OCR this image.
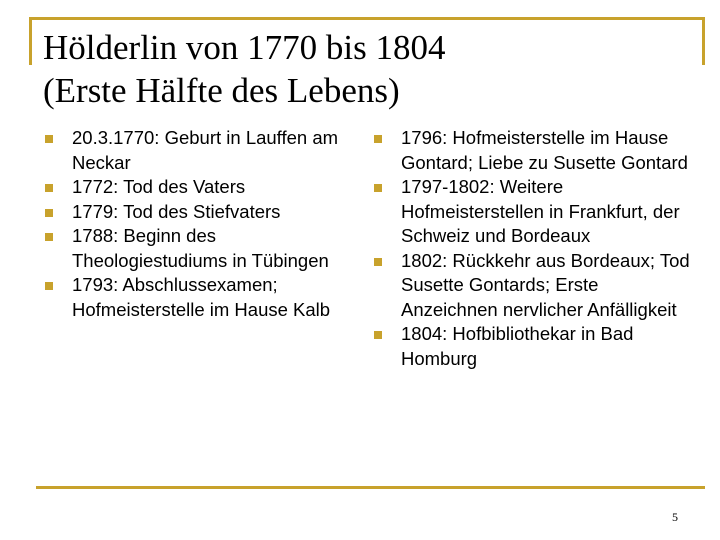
Hölderlin von 1770 bis 1804
(Erste Hälfte des Lebens)
20.3.1770: Geburt in Lauffen am Neckar
1772: Tod des Vaters
1779: Tod des Stiefvaters
1788: Beginn des Theologiestudiums in Tübingen
1793: Abschlussexamen; Hofmeisterstelle im Hause Kalb
1796: Hofmeisterstelle im Hause Gontard; Liebe zu Susette Gontard
1797-1802: Weitere Hofmeisterstellen in Frankfurt, der Schweiz und Bordeaux
1802: Rückkehr aus Bordeaux; Tod Susette Gontards; Erste Anzeichnen nervlicher Anfälligkeit
1804: Hofbibliothekar in Bad Homburg
5
